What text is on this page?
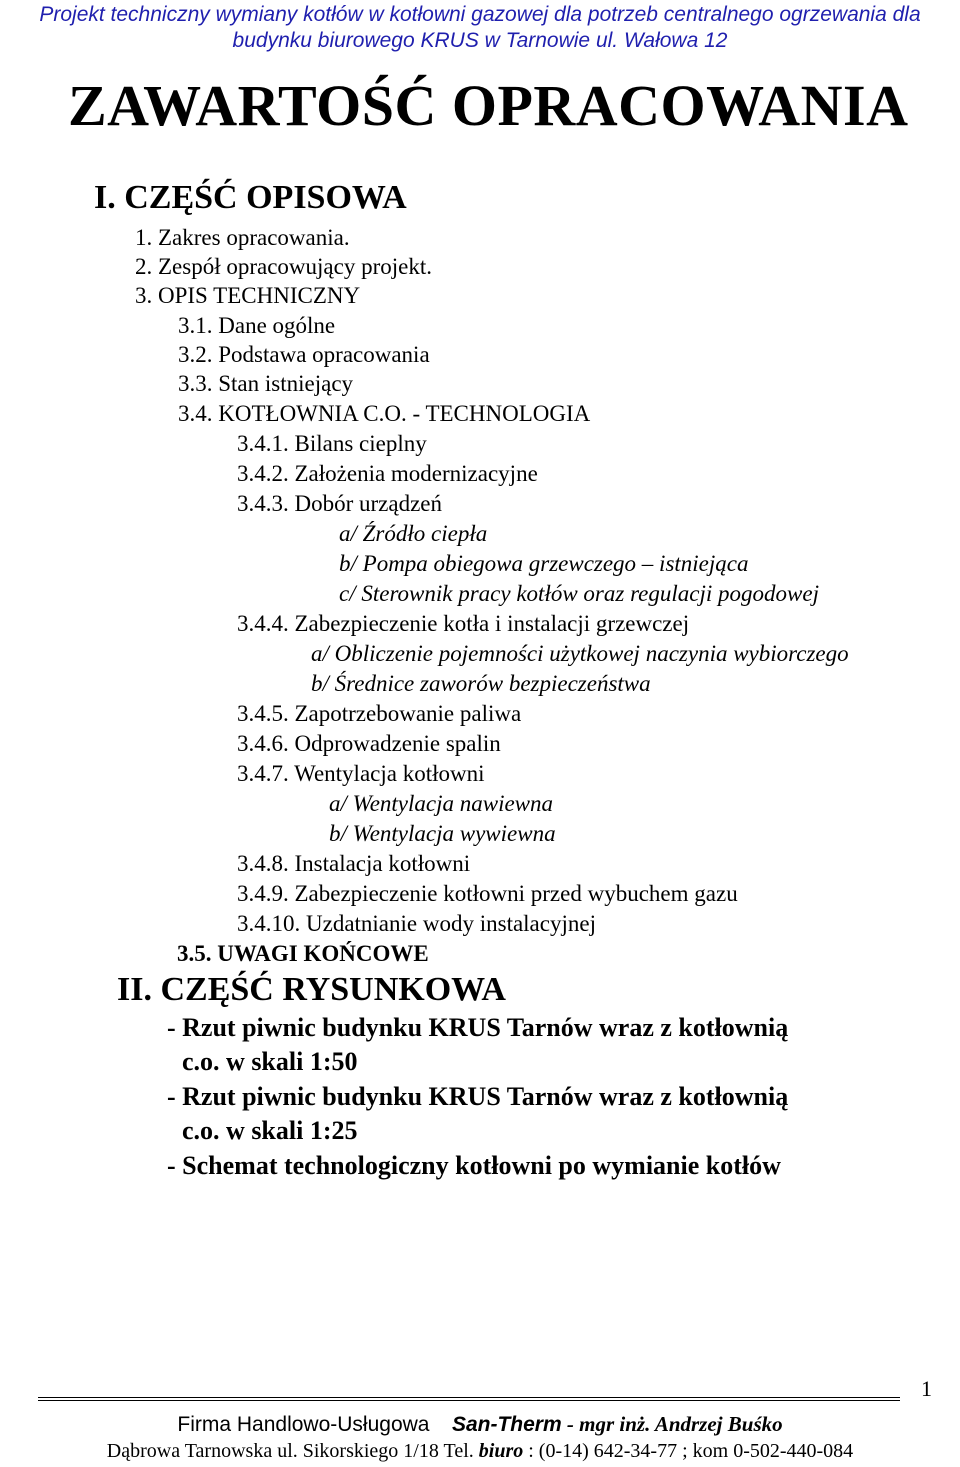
Projekt techniczny wymiany kotłów w kotłowni gazowej dla potrzeb centralnego ogrzewania dla
budynku biurowego KRUS w Tarnowie ul. Wałowa 12
ZAWARTOŚĆ OPRACOWANIA
I. CZĘŚĆ OPISOWA
1. Zakres opracowania.
2. Zespół opracowujący projekt.
3. OPIS TECHNICZNY
3.1. Dane ogólne
3.2. Podstawa opracowania
3.3. Stan istniejący
3.4. KOTŁOWNIA C.O. - TECHNOLOGIA
3.4.1. Bilans cieplny
3.4.2. Założenia modernizacyjne
3.4.3. Dobór urządzeń
a/ Źródło ciepła
b/ Pompa obiegowa grzewczego – istniejąca
c/ Sterownik pracy kotłów oraz regulacji pogodowej
3.4.4. Zabezpieczenie kotła i instalacji grzewczej
a/ Obliczenie pojemności użytkowej naczynia wybiorczego
b/ Średnice zaworów bezpieczeństwa
3.4.5. Zapotrzebowanie paliwa
3.4.6. Odprowadzenie spalin
3.4.7. Wentylacja kotłowni
a/ Wentylacja nawiewna
b/ Wentylacja wywiewna
3.4.8. Instalacja kotłowni
3.4.9. Zabezpieczenie kotłowni przed wybuchem gazu
3.4.10. Uzdatnianie wody instalacyjnej
3.5. UWAGI KOŃCOWE
II. CZĘŚĆ RYSUNKOWA
- Rzut piwnic budynku KRUS Tarnów wraz z kotłownią
c.o. w skali 1:50
- Rzut piwnic budynku KRUS Tarnów wraz z kotłownią
c.o. w skali 1:25
- Schemat technologiczny kotłowni po wymianie kotłów
1
Firma Handlowo-Usługowa San-Therm - mgr inż. Andrzej Buśko
Dąbrowa Tarnowska ul. Sikorskiego 1/18 Tel. biuro : (0-14) 642-34-77 ; kom 0-502-440-084
